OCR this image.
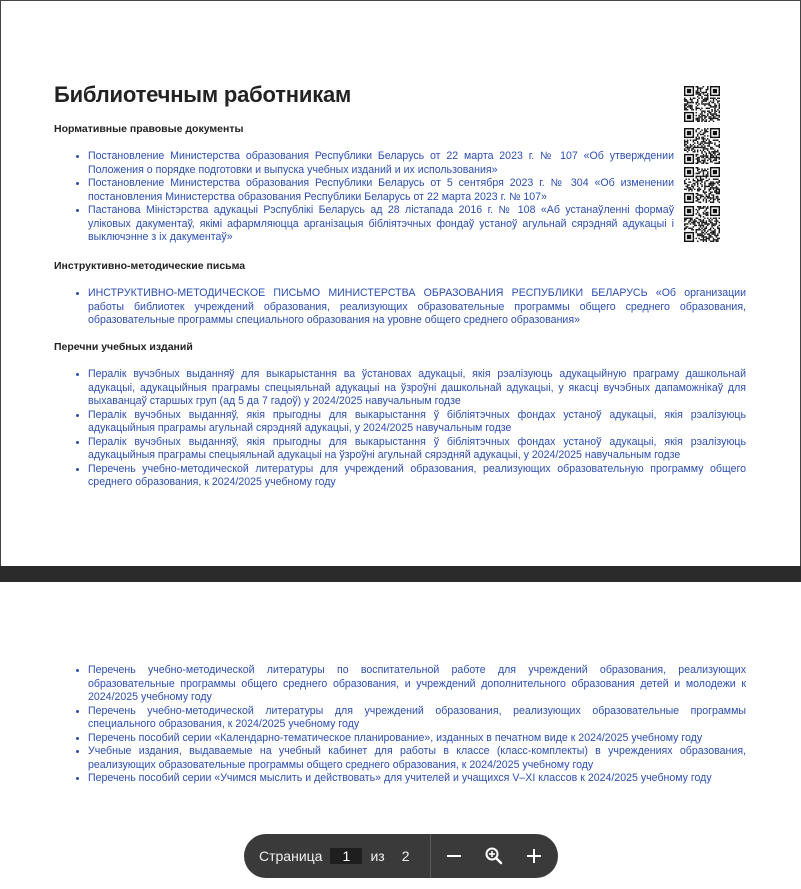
Библиотечным работникам

Нормативные правовые документы

• Постановление Министерства образования Республики Беларусь от 22 марта 2023 г. № 107 «Об утверждении Положения о порядке подготовки и выпуска учебных изданий и их использования»
• Постановление Министерства образования Республики Беларусь от 5 сентября 2023 г. № 304 «Об изменении постановления Министерства образования Республики Беларусь от 22 марта 2023 г. № 107»
• Пастанова Міністэрства адукацыі Рэспублікі Беларусь ад 28 лістапада 2016 г. № 108 «Аб устанаўленні формаў уліковых дакументаў, якімі афармляюцца арганізацыя бібліятэчных фондаў устаноў агульнай сярэдняй адукацыі і выключэнне з іх дакументаў»

Инструктивно-методические письма

• ИНСТРУКТИВНО-МЕТОДИЧЕСКОЕ ПИСЬМО МИНИСТЕРСТВА ОБРАЗОВАНИЯ РЕСПУБЛИКИ БЕЛАРУСЬ «Об организации работы библиотек учреждений образования, реализующих образовательные программы общего среднего образования, образовательные программы специального образования на уровне общего среднего образования»

Перечни учебных изданий

• Пералік вучэбных выданняў для выкарыстання ва ўстановах адукацыі, якія рэалізуюць адукацыйную праграму дашкольнай адукацыі, адукацыйныя праграмы спецыяльнай адукацыі на ўзроўні дашкольнай адукацыі, у якасці вучэбных дапаможнікаў для выхаванцаў старшых груп (ад 5 да 7 гадоў) у 2024/2025 навучальным годзе
• Пералік вучэбных выданняў, якія прыгодны для выкарыстання ў бібліятэчных фондах устаноў адукацыі, якія рэалізуюць адукацыйныя праграмы агульнай сярэдняй адукацыі, у 2024/2025 навучальным годзе
• Пералік вучэбных выданняў, якія прыгодны для выкарыстання ў бібліятэчных фондах устаноў адукацыі, якія рэалізуюць адукацыйныя праграмы спецыяльнай адукацыі на ўзроўні агульнай сярэдняй адукацыі, у 2024/2025 навучальным годзе
• Перечень учебно-методической литературы для учреждений образования, реализующих образовательную программу общего среднего образования, к 2024/2025 учебному году
• Перечень учебно-методической литературы по воспитательной работе для учреждений образования, реализующих образовательные программы общего среднего образования, и учреждений дополнительного образования детей и молодежи к 2024/2025 учебному году
• Перечень учебно-методической литературы для учреждений образования, реализующих образовательные программы специального образования, к 2024/2025 учебному году
• Перечень пособий серии «Календарно-тематическое планирование», изданных в печатном виде к 2024/2025 учебному году
• Учебные издания, выдаваемые на учебный кабинет для работы в классе (класс-комплекты) в учреждениях образования, реализующих образовательные программы общего среднего образования, к 2024/2025 учебному году
• Перечень пособий серии «Учимся мыслить и действовать» для учителей и учащихся V–XI классов к 2024/2025 учебному году
Страница
1	из 2
